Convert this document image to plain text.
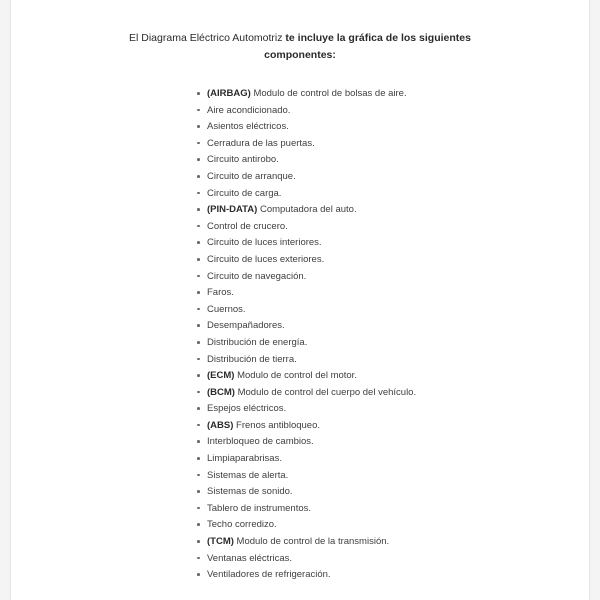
El Diagrama Eléctrico Automotriz te incluye la gráfica de los siguientes componentes:

(AIRBAG) Modulo de control de bolsas de aire.
Aire acondicionado.
Asientos eléctricos.
Cerradura de las puertas.
Circuito antirobo.
Circuito de arranque.
Circuito de carga.
(PIN-DATA) Computadora del auto.
Control de crucero.
Circuito de luces interiores.
Circuito de luces exteriores.
Circuito de navegación.
Faros.
Cuernos.
Desempañadores.
Distribución de energía.
Distribución de tierra.
(ECM) Modulo de control del motor.
(BCM) Modulo de control del cuerpo del vehículo.
Espejos eléctricos.
(ABS) Frenos antibloqueo.
Interbloqueo de cambios.
Limpiaparabrisas.
Sistemas de alerta.
Sistemas de sonido.
Tablero de instrumentos.
Techo corredizo.
(TCM) Modulo de control de la transmisión.
Ventanas eléctricas.
Ventiladores de refrigeración.
